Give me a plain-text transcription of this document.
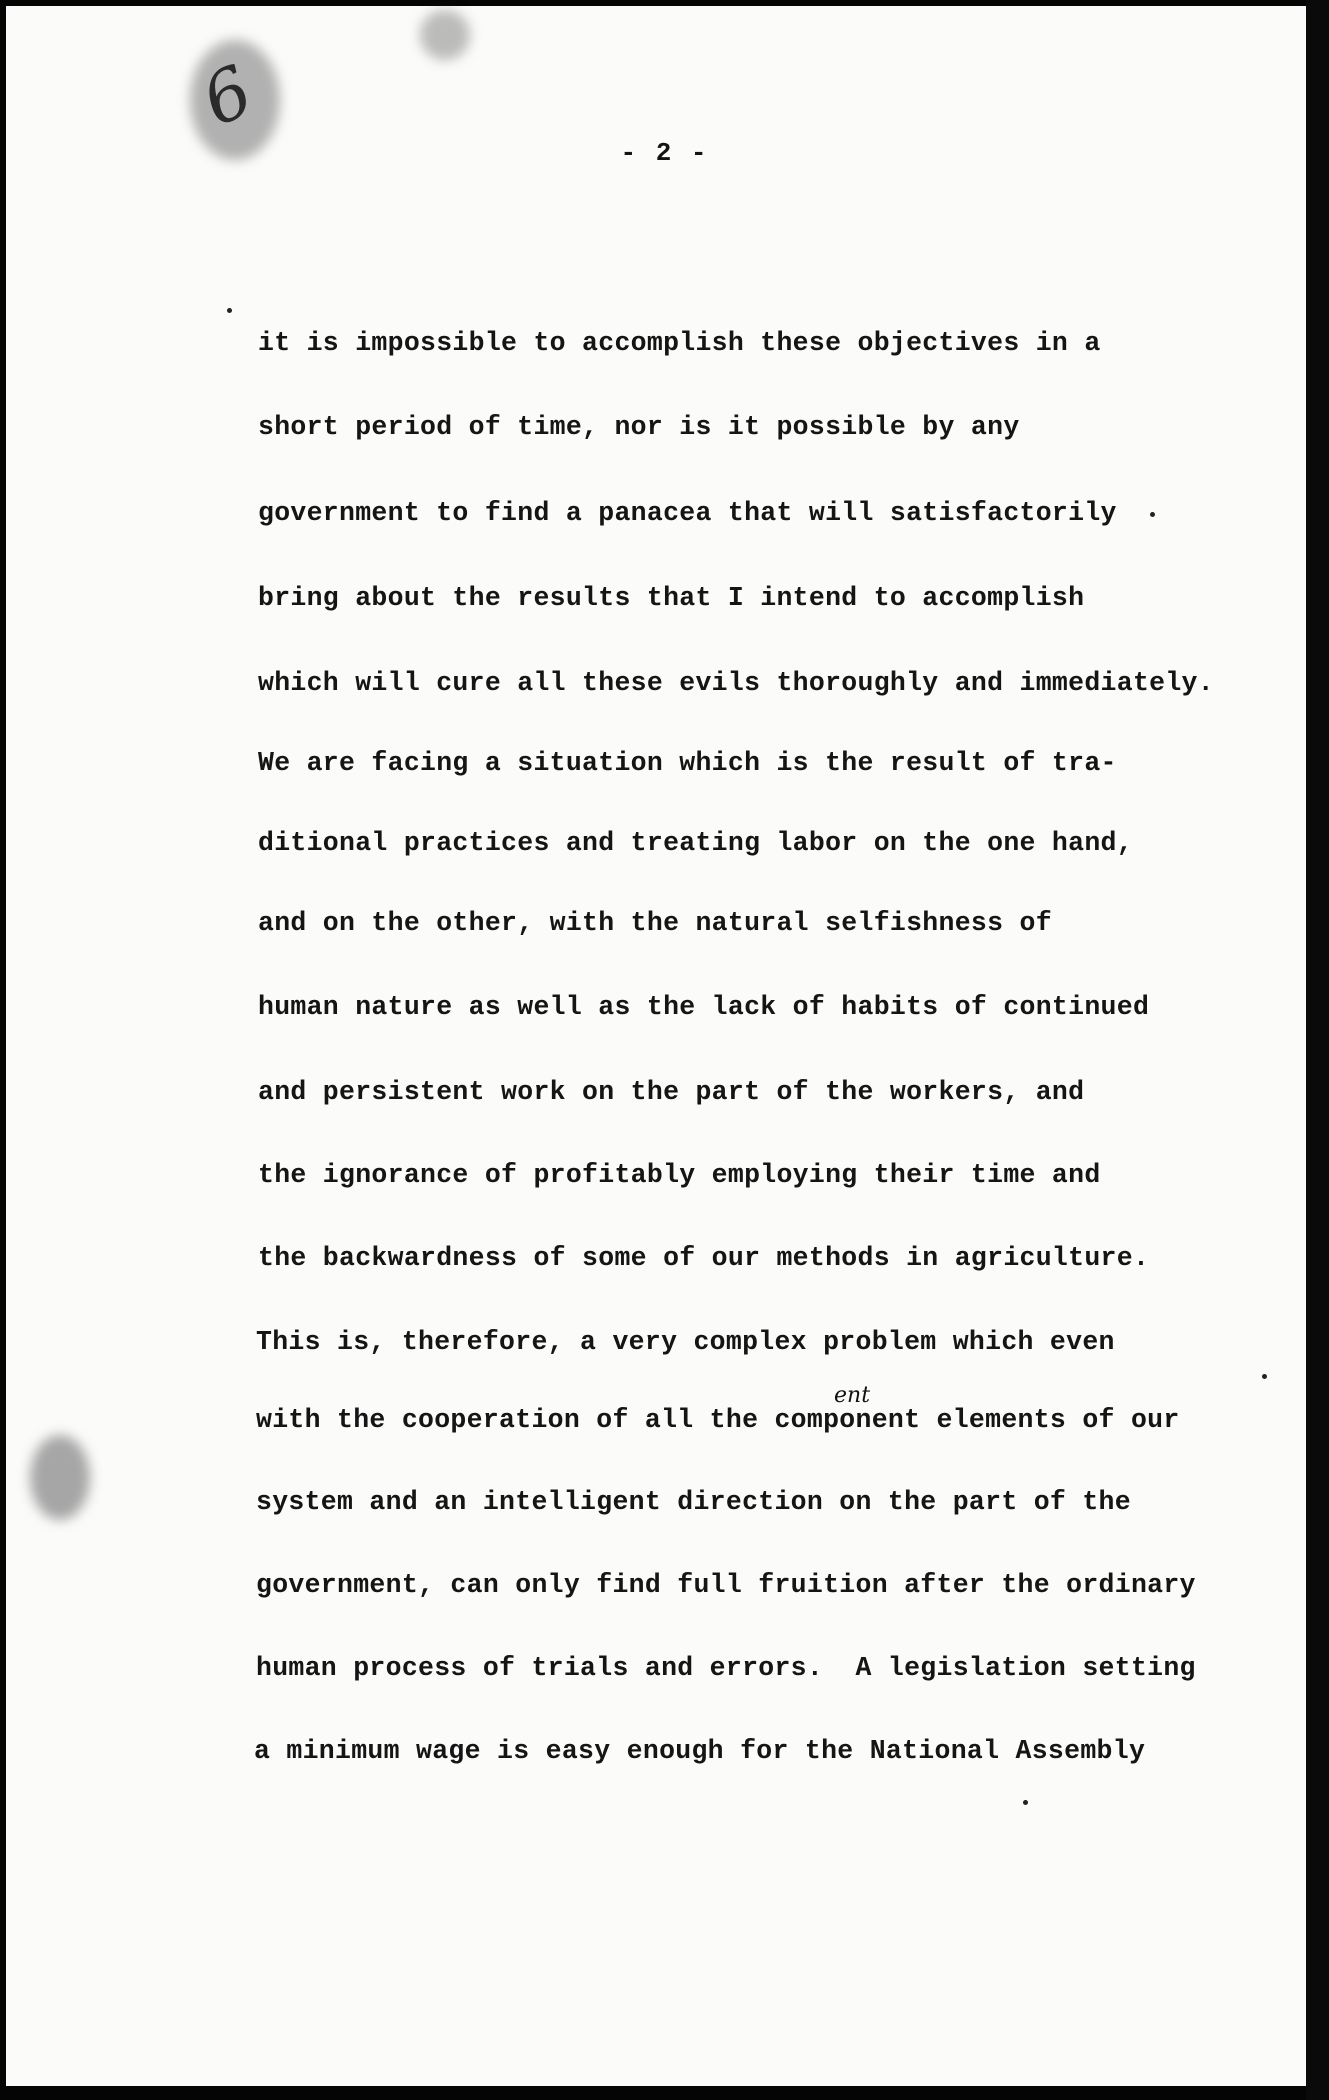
6
- 2 -
it is impossible to accomplish these objectives in a
short period of time, nor is it possible by any
government to find a panacea that will satisfactorily
bring about the results that I intend to accomplish
which will cure all these evils thoroughly and immediately.
We are facing a situation which is the result of tra-
ditional practices and treating labor on the one hand,
and on the other, with the natural selfishness of
human nature as well as the lack of habits of continued
and persistent work on the part of the workers, and
the ignorance of profitably employing their time and
the backwardness of some of our methods in agriculture.
This is, therefore, a very complex problem which even
ent
with the cooperation of all the component elements of our
system and an intelligent direction on the part of the
government, can only find full fruition after the ordinary
human process of trials and errors.  A legislation setting
a minimum wage is easy enough for the National Assembly
